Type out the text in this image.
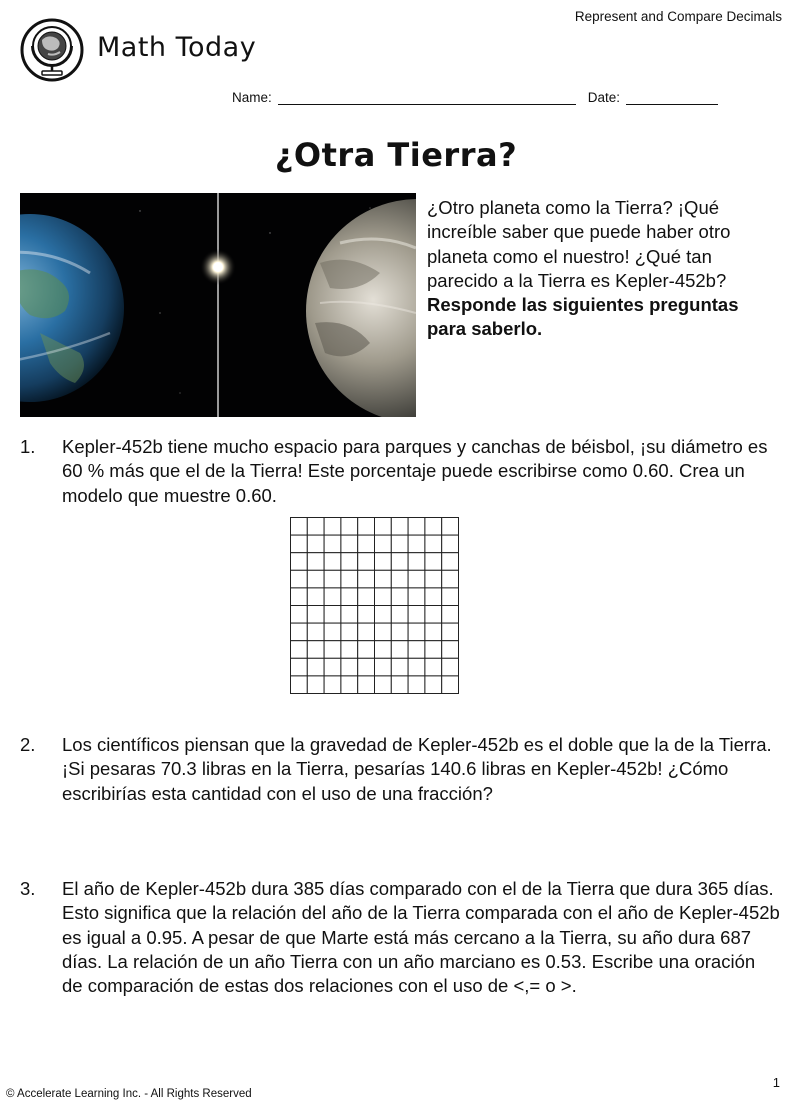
Represent and Compare Decimals
Math Today
Name:	Date:
¿Otra Tierra?
¿Otro planeta como la Tierra? ¡Qué increíble saber que puede haber otro planeta como el nuestro! ¿Qué tan parecido a la Tierra es Kepler-452b? Responde las siguientes preguntas para saberlo.
1.	Kepler-452b tiene mucho espacio para parques y canchas de béisbol, ¡su diámetro es 60 % más que el de la Tierra! Este porcentaje puede escribirse como 0.60. Crea un modelo que muestre 0.60.
2.	Los científicos piensan que la gravedad de Kepler-452b es el doble que la de la Tierra. ¡Si pesaras 70.3 libras en la Tierra, pesarías 140.6 libras en Kepler-452b! ¿Cómo escribirías esta cantidad con el uso de una fracción?
3.	El año de Kepler-452b dura 385 días comparado con el de la Tierra que dura 365 días. Esto significa que la relación del año de la Tierra comparada con el año de Kepler-452b es igual a 0.95. A pesar de que Marte está más cercano a la Tierra, su año dura 687 días. La relación de un año Tierra con un año marciano es 0.53. Escribe una oración de comparación de estas dos relaciones con el uso de <,= o >.
© Accelerate Learning Inc. - All Rights Reserved
1
